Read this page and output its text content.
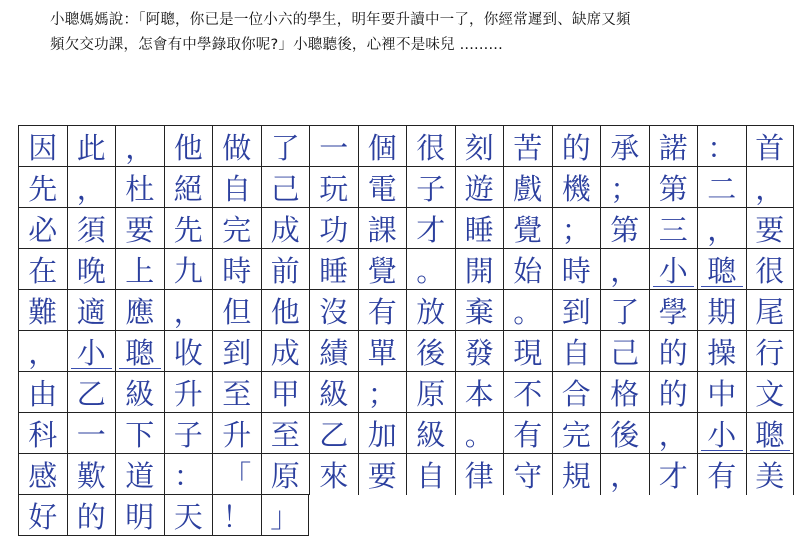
小聰媽媽說：「阿聰，你已是一位小六的學生，明年要升讀中一了，你經常遲到、缺席又頻
頻欠交功課，怎會有中學錄取你呢?」小聰聽後，心裡不是味兒 .........
因 此 ， 他 做 了 一 個 很 刻 苦 的 承 諾 ： 首
先 ， 杜 絕 自 己 玩 電 子 遊 戲 機 ； 第 二 ，
必 須 要 先 完 成 功 課 才 睡 覺 ； 第 三 ， 要
在 晚 上 九 時 前 睡 覺 。 開 始 時 ， 小 聰 很
難 適 應 ， 但 他 沒 有 放 棄 。 到 了 學 期 尾
， 小 聰 收 到 成 績 單 後 發 現 自 己 的 操 行
由 乙 級 升 至 甲 級 ； 原 本 不 合 格 的 中 文
科 一 下 子 升 至 乙 加 級 。 有 完 後 ， 小 聰
感 歎 道 ： 「 原 來 要 自 律 守 規 ， 才 有 美
好 的 明 天 ！ 」
